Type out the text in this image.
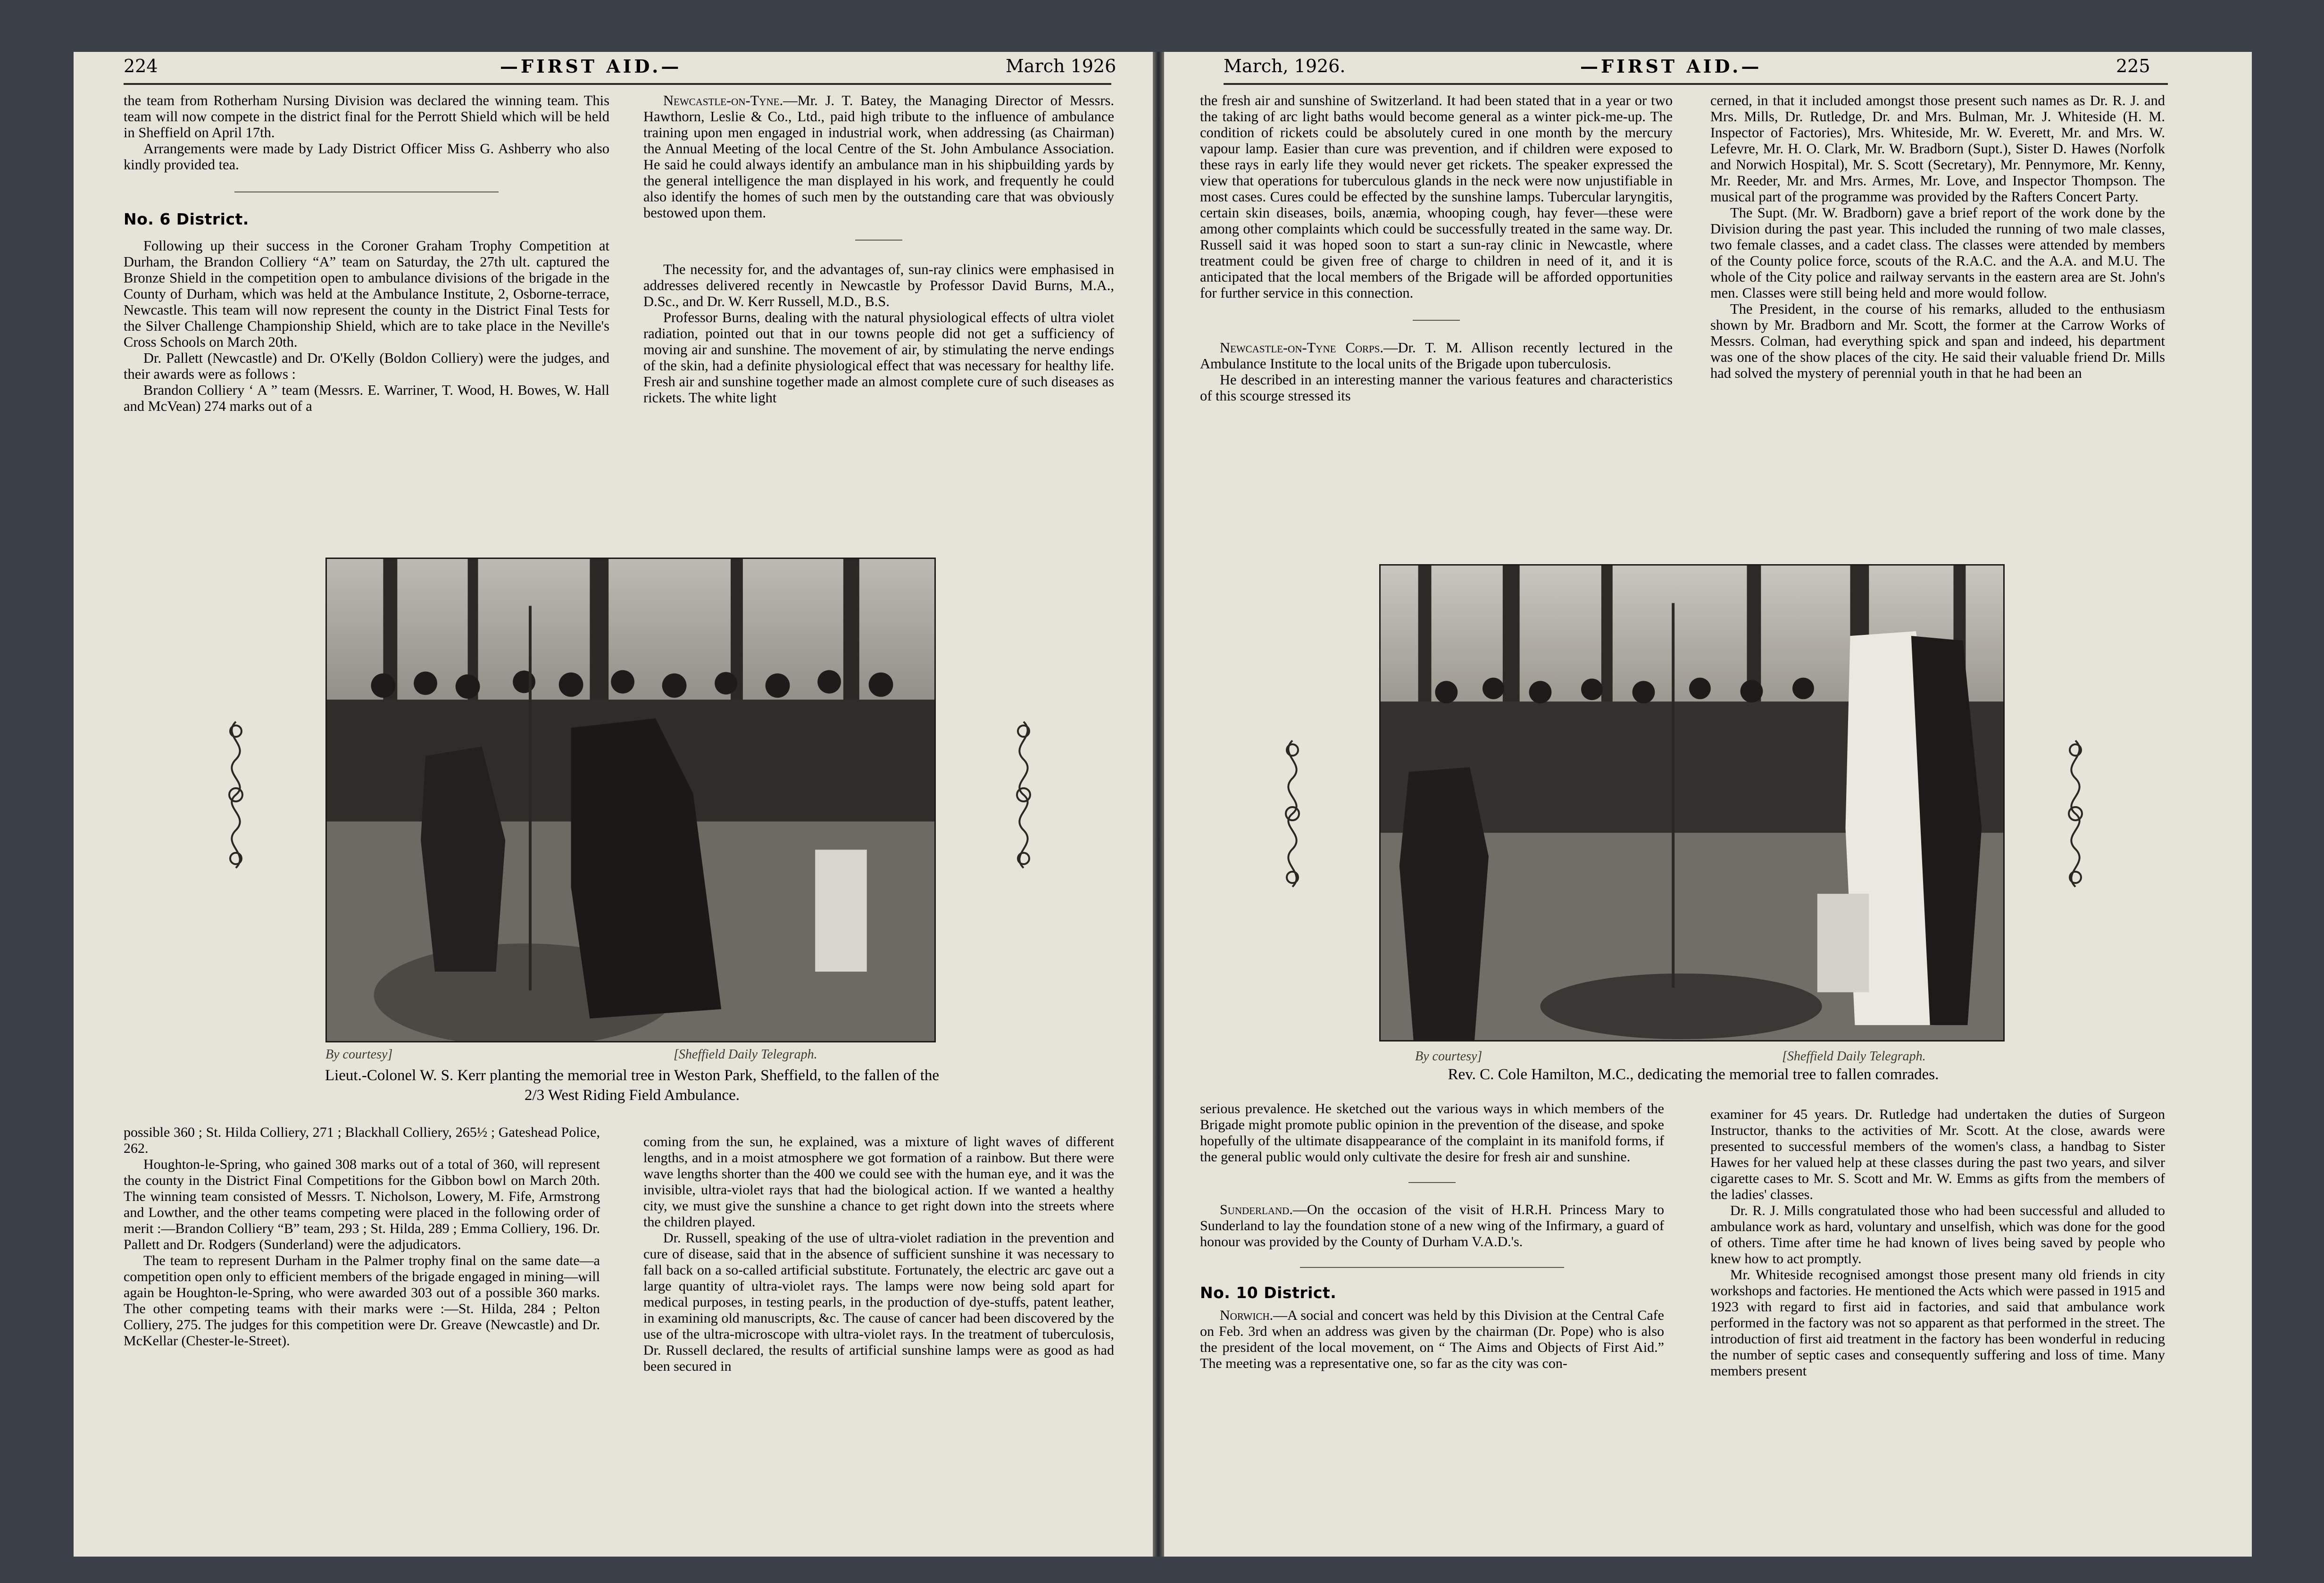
224	—FIRST AID.—	March 1926

the team from Rotherham Nursing Division was declared the winning team. This team will now compete in the district final for the Perrott Shield which will be held in Sheffield on April 17th.

Arrangements were made by Lady District Officer Miss G. Ashberry who also kindly provided tea.

No. 6 District.

Following up their success in the Coroner Graham Trophy Competition at Durham, the Brandon Colliery “A” team on Saturday, the 27th ult. captured the Bronze Shield in the competition open to ambulance divisions of the brigade in the County of Durham, which was held at the Ambulance Institute, 2, Osborne-terrace, Newcastle. This team will now represent the county in the District Final Tests for the Silver Challenge Championship Shield, which are to take place in the Neville's Cross Schools on March 20th.

Dr. Pallett (Newcastle) and Dr. O'Kelly (Boldon Colliery) were the judges, and their awards were as follows :

Brandon Colliery ‘ A ” team (Messrs. E. Warriner, T. Wood, H. Bowes, W. Hall and McVean) 274 marks out of a

Newcastle-on-Tyne.—Mr. J. T. Batey, the Managing Director of Messrs. Hawthorn, Leslie & Co., Ltd., paid high tribute to the influence of ambulance training upon men engaged in industrial work, when addressing (as Chairman) the Annual Meeting of the local Centre of the St. John Ambulance Association. He said he could always identify an ambulance man in his shipbuilding yards by the general intelligence the man displayed in his work, and frequently he could also identify the homes of such men by the outstanding care that was obviously bestowed upon them.

The necessity for, and the advantages of, sun-ray clinics were emphasised in addresses delivered recently in Newcastle by Professor David Burns, M.A., D.Sc., and Dr. W. Kerr Russell, M.D., B.S.

Professor Burns, dealing with the natural physiological effects of ultra violet radiation, pointed out that in our towns people did not get a sufficiency of moving air and sunshine. The movement of air, by stimulating the nerve endings of the skin, had a definite physiological effect that was necessary for healthy life. Fresh air and sunshine together made an almost complete cure of such diseases as rickets. The white light

By courtesy]	[Sheffield Daily Telegraph.
Lieut.-Colonel W. S. Kerr planting the memorial tree in Weston Park, Sheffield, to the fallen of the
2/3 West Riding Field Ambulance.

possible 360 ; St. Hilda Colliery, 271 ; Blackhall Colliery, 265½ ; Gateshead Police, 262.

Houghton-le-Spring, who gained 308 marks out of a total of 360, will represent the county in the District Final Competitions for the Gibbon bowl on March 20th. The winning team consisted of Messrs. T. Nicholson, Lowery, M. Fife, Armstrong and Lowther, and the other teams competing were placed in the following order of merit :—Brandon Colliery “B” team, 293 ; St. Hilda, 289 ; Emma Colliery, 196. Dr. Pallett and Dr. Rodgers (Sunderland) were the adjudicators.

The team to represent Durham in the Palmer trophy final on the same date—a competition open only to efficient members of the brigade engaged in mining—will again be Houghton-le-Spring, who were awarded 303 out of a possible 360 marks. The other competing teams with their marks were :—St. Hilda, 284 ; Pelton Colliery, 275. The judges for this competition were Dr. Greave (Newcastle) and Dr. McKellar (Chester-le-Street).

coming from the sun, he explained, was a mixture of light waves of different lengths, and in a moist atmosphere we got formation of a rainbow. But there were wave lengths shorter than the 400 we could see with the human eye, and it was the invisible, ultra-violet rays that had the biological action. If we wanted a healthy city, we must give the sunshine a chance to get right down into the streets where the children played.

Dr. Russell, speaking of the use of ultra-violet radiation in the prevention and cure of disease, said that in the absence of sufficient sunshine it was necessary to fall back on a so-called artificial substitute. Fortunately, the electric arc gave out a large quantity of ultra-violet rays. The lamps were now being sold apart for medical purposes, in testing pearls, in the production of dye-stuffs, patent leather, in examining old manuscripts, &c. The cause of cancer had been discovered by the use of the ultra-microscope with ultra-violet rays. In the treatment of tuberculosis, Dr. Russell declared, the results of artificial sunshine lamps were as good as had been secured in

March, 1926.	—FIRST AID.—	225

the fresh air and sunshine of Switzerland. It had been stated that in a year or two the taking of arc light baths would become general as a winter pick-me-up. The condition of rickets could be absolutely cured in one month by the mercury vapour lamp. Easier than cure was prevention, and if children were exposed to these rays in early life they would never get rickets. The speaker expressed the view that operations for tuberculous glands in the neck were now unjustifiable in most cases. Cures could be effected by the sunshine lamps. Tubercular laryngitis, certain skin diseases, boils, anæmia, whooping cough, hay fever—these were among other complaints which could be successfully treated in the same way. Dr. Russell said it was hoped soon to start a sun-ray clinic in Newcastle, where treatment could be given free of charge to children in need of it, and it is anticipated that the local members of the Brigade will be afforded opportunities for further service in this connection.

Newcastle-on-Tyne Corps.—Dr. T. M. Allison recently lectured in the Ambulance Institute to the local units of the Brigade upon tuberculosis.

He described in an interesting manner the various features and characteristics of this scourge stressed its

cerned, in that it included amongst those present such names as Dr. R. J. and Mrs. Mills, Dr. Rutledge, Dr. and Mrs. Bulman, Mr. J. Whiteside (H. M. Inspector of Factories), Mrs. Whiteside, Mr. W. Everett, Mr. and Mrs. W. Lefevre, Mr. H. O. Clark, Mr. W. Bradborn (Supt.), Sister D. Hawes (Norfolk and Norwich Hospital), Mr. S. Scott (Secretary), Mr. Pennymore, Mr. Kenny, Mr. Reeder, Mr. and Mrs. Armes, Mr. Love, and Inspector Thompson. The musical part of the programme was provided by the Rafters Concert Party.

The Supt. (Mr. W. Bradborn) gave a brief report of the work done by the Division during the past year. This included the running of two male classes, two female classes, and a cadet class. The classes were attended by members of the County police force, scouts of the R.A.C. and the A.A. and M.U. The whole of the City police and railway servants in the eastern area are St. John's men. Classes were still being held and more would follow.

The President, in the course of his remarks, alluded to the enthusiasm shown by Mr. Bradborn and Mr. Scott, the former at the Carrow Works of Messrs. Colman, had everything spick and span and indeed, his department was one of the show places of the city. He said their valuable friend Dr. Mills had solved the mystery of perennial youth in that he had been an

By courtesy]	[Sheffield Daily Telegraph.
Rev. C. Cole Hamilton, M.C., dedicating the memorial tree to fallen comrades.

serious prevalence. He sketched out the various ways in which members of the Brigade might promote public opinion in the prevention of the disease, and spoke hopefully of the ultimate disappearance of the complaint in its manifold forms, if the general public would only cultivate the desire for fresh air and sunshine.

Sunderland.—On the occasion of the visit of H.R.H. Princess Mary to Sunderland to lay the foundation stone of a new wing of the Infirmary, a guard of honour was provided by the County of Durham V.A.D.'s.

No. 10 District.

Norwich.—A social and concert was held by this Division at the Central Cafe on Feb. 3rd when an address was given by the chairman (Dr. Pope) who is also the president of the local movement, on “ The Aims and Objects of First Aid.” The meeting was a representative one, so far as the city was con-

examiner for 45 years. Dr. Rutledge had undertaken the duties of Surgeon Instructor, thanks to the activities of Mr. Scott. At the close, awards were presented to successful members of the women's class, a handbag to Sister Hawes for her valued help at these classes during the past two years, and silver cigarette cases to Mr. S. Scott and Mr. W. Emms as gifts from the members of the ladies' classes.

Dr. R. J. Mills congratulated those who had been successful and alluded to ambulance work as hard, voluntary and unselfish, which was done for the good of others. Time after time he had known of lives being saved by people who knew how to act promptly.

Mr. Whiteside recognised amongst those present many old friends in city workshops and factories. He mentioned the Acts which were passed in 1915 and 1923 with regard to first aid in factories, and said that ambulance work performed in the factory was not so apparent as that performed in the street. The introduction of first aid treatment in the factory has been wonderful in reducing the number of septic cases and consequently suffering and loss of time. Many members present
